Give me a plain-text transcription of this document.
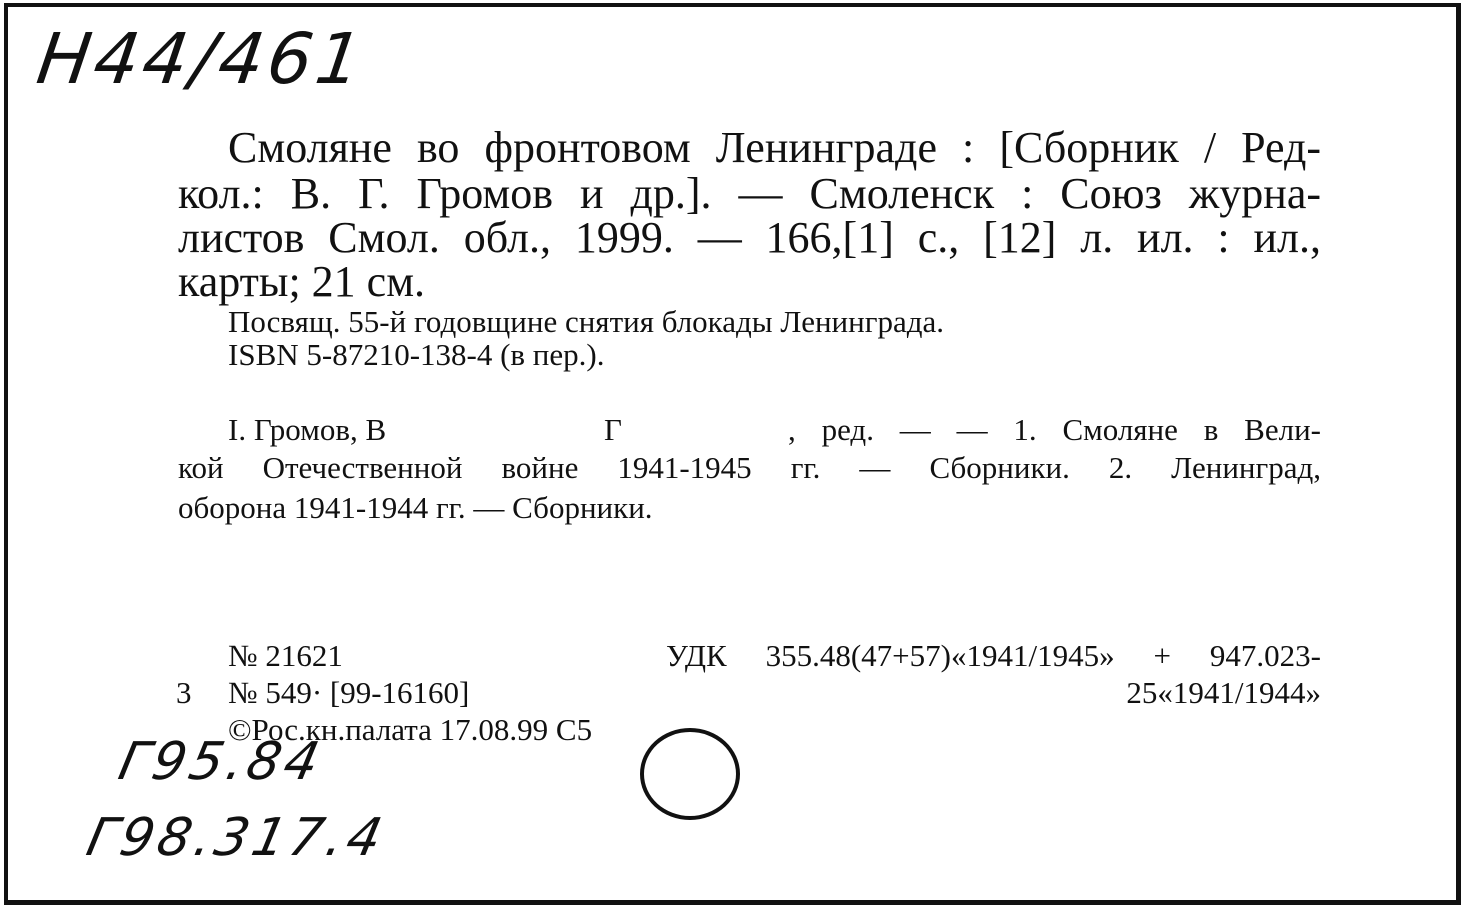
Н44/461
Смоляне во фронтовом Ленинграде : [Сборник / Ред-
кол.: В. Г. Громов и др.]. — Смоленск : Союз журна-
листов Смол. обл., 1999. — 166,[1] с., [12] л. ил. : ил.,
карты; 21 см.
Посвящ. 55-й годовщине снятия блокады Ленинграда.
ISBN 5-87210-138-4 (в пер.).
I. Громов, В	Г	, ред. — — 1. Смоляне в Вели-
кой Отечественной войне 1941-1945 гг. — Сборники. 2. Ленинград,
оборона 1941-1944 гг. — Сборники.
№ 21621
3 № 549· [99-16160]
©Рос.кн.палата 17.08.99 С5
УДК 355.48(47+57)«1941/1945» + 947.023-
25«1941/1944»
Г95.84
Г98.317.4
